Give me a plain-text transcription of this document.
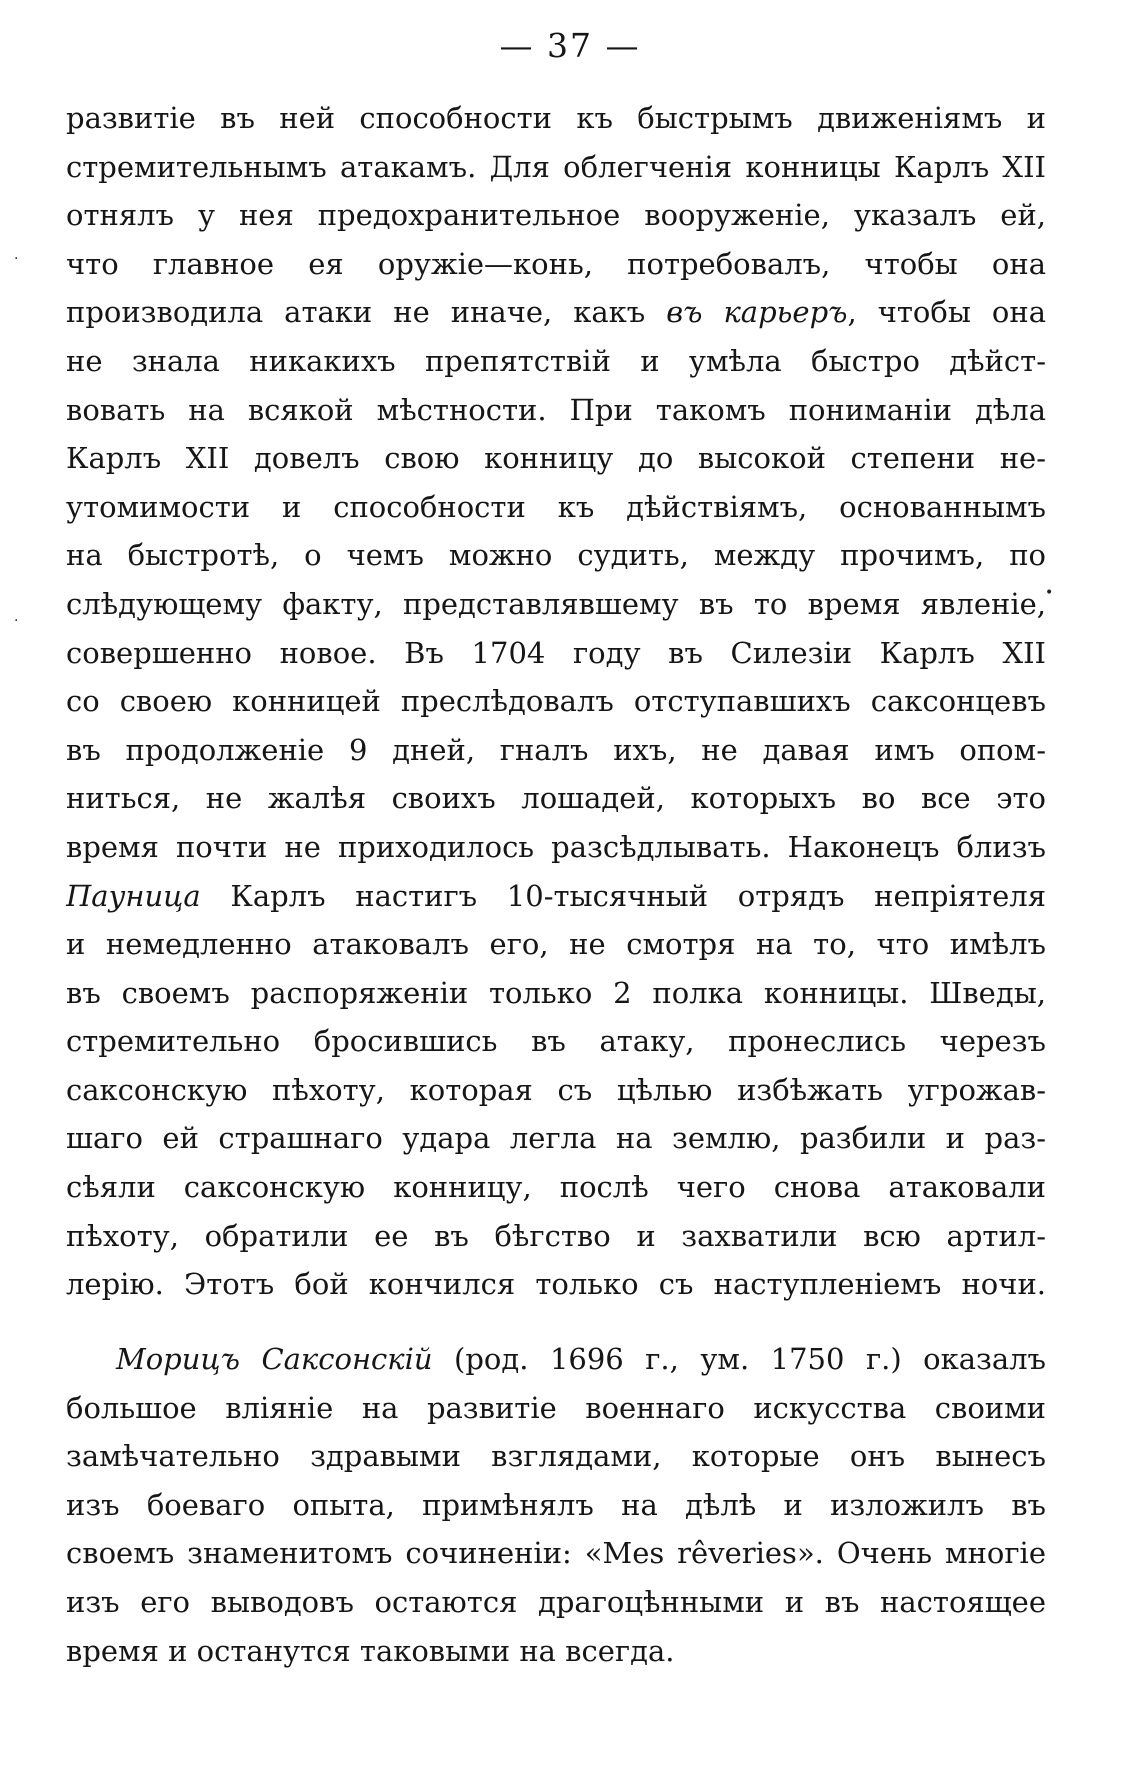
— 37 —
·
·
•
развитіе въ ней способности къ быстрымъ движеніямъ и
стремительнымъ атакамъ. Для облегченія конницы Карлъ XII
отнялъ у нея предохранительное вооруженіе, указалъ ей,
что главное ея оружіе—конь, потребовалъ, чтобы она
производила атаки не иначе, какъ въ карьеръ, чтобы она
не знала никакихъ препятствій и умѣла быстро дѣйст-
вовать на всякой мѣстности. При такомъ пониманіи дѣла
Карлъ XII довелъ свою конницу до высокой степени не-
утомимости и способности къ дѣйствіямъ, основаннымъ
на быстротѣ, о чемъ можно судить, между прочимъ, по
слѣдующему факту, представлявшему въ то время явленіе,
совершенно новое. Въ 1704 году въ Силезіи Карлъ XII
со своею конницей преслѣдовалъ отступавшихъ саксонцевъ
въ продолженіе 9 дней, гналъ ихъ, не давая имъ опом-
ниться, не жалѣя своихъ лошадей, которыхъ во все это
время почти не приходилось разсѣдлывать. Наконецъ близъ
Пауница Карлъ настигъ 10-тысячный отрядъ непріятеля
и немедленно атаковалъ его, не смотря на то, что имѣлъ
въ своемъ распоряженіи только 2 полка конницы. Шведы,
стремительно бросившись въ атаку, пронеслись черезъ
саксонскую пѣхоту, которая съ цѣлью избѣжать угрожав-
шаго ей страшнаго удара легла на землю, разбили и раз-
сѣяли саксонскую конницу, послѣ чего снова атаковали
пѣхоту, обратили ее въ бѣгство и захватили всю артил-
лерію. Этотъ бой кончился только съ наступленіемъ ночи.
Морицъ Саксонскій (род. 1696 г., ум. 1750 г.) оказалъ
большое вліяніе на развитіе военнаго искусства своими
замѣчательно здравыми взглядами, которые онъ вынесъ
изъ боеваго опыта, примѣнялъ на дѣлѣ и изложилъ въ
своемъ знаменитомъ сочиненіи: «Mes rêveries». Очень многіе
изъ его выводовъ остаются драгоцѣнными и въ настоящее
время и останутся таковыми на всегда.
